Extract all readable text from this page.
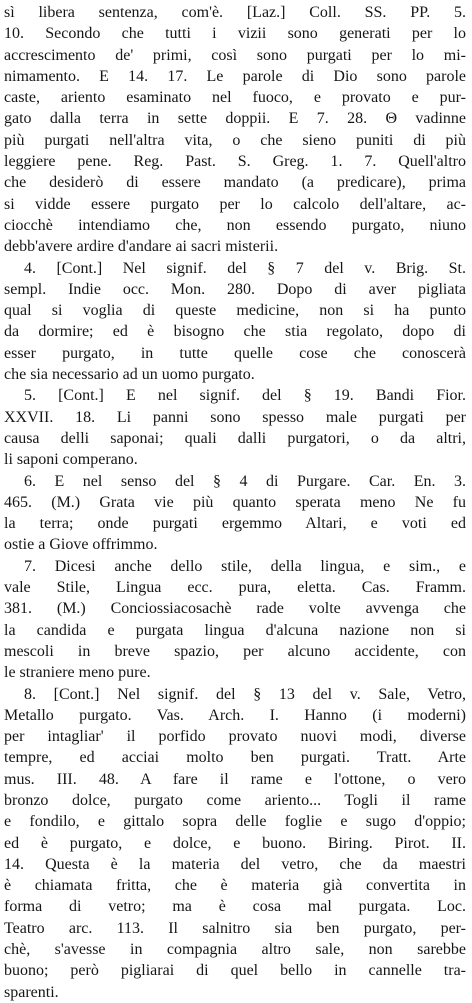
sì libera sentenza, com'è. [Laz.] Coll. SS. PP. 5.
10. Secondo che tutti i vizii sono generati per lo
accrescimento de' primi, così sono purgati per lo mi-
nimamento. E 14. 17. Le parole di Dio sono parole
caste, ariento esaminato nel fuoco, e provato e pur-
gato dalla terra in sette doppii. E 7. 28. Θ vadinne
più purgati nell'altra vita, o che sieno puniti di più
leggiere pene. Reg. Past. S. Greg. 1. 7. Quell'altro
che desiderò di essere mandato (a predicare), prima
si vidde essere purgato per lo calcolo dell'altare, ac-
ciocchè intendiamo che, non essendo purgato, niuno
debb'avere ardire d'andare ai sacri misterii.
4. [Cont.] Nel signif. del § 7 del v. Brig. St.
sempl. Indie occ. Mon. 280. Dopo di aver pigliata
qual si voglia di queste medicine, non si ha punto
da dormire; ed è bisogno che stia regolato, dopo di
esser purgato, in tutte quelle cose che conoscerà
che sia necessario ad un uomo purgato.
5. [Cont.] E nel signif. del § 19. Bandi Fior.
XXVII. 18. Li panni sono spesso male purgati per
causa delli saponai; quali dalli purgatori, o da altri,
li saponi comperano.
6. E nel senso del § 4 di Purgare. Car. En. 3.
465. (M.) Grata vie più quanto sperata meno Ne fu
la terra; onde purgati ergemmo Altari, e voti ed
ostie a Giove offrimmo.
7. Dicesi anche dello stile, della lingua, e sim., e
vale Stile, Lingua ecc. pura, eletta. Cas. Framm.
381. (M.) Conciossiacosachè rade volte avvenga che
la candida e purgata lingua d'alcuna nazione non si
mescoli in breve spazio, per alcuno accidente, con
le straniere meno pure.
8. [Cont.] Nel signif. del § 13 del v. Sale, Vetro,
Metallo purgato. Vas. Arch. I. Hanno (i moderni)
per intagliar' il porfido provato nuovi modi, diverse
tempre, ed acciai molto ben purgati. Tratt. Arte
mus. III. 48. A fare il rame e l'ottone, o vero
bronzo dolce, purgato come ariento... Togli il rame
e fondilo, e gittalo sopra delle foglie e sugo d'oppio;
ed è purgato, e dolce, e buono. Biring. Pirot. II.
14. Questa è la materia del vetro, che da maestri
è chiamata fritta, che è materia già convertita in
forma di vetro; ma è cosa mal purgata. Loc.
Teatro arc. 113. Il salnitro sia ben purgato, per-
chè, s'avesse in compagnia altro sale, non sarebbe
buono; però pigliarai di quel bello in cannelle tra-
sparenti.
